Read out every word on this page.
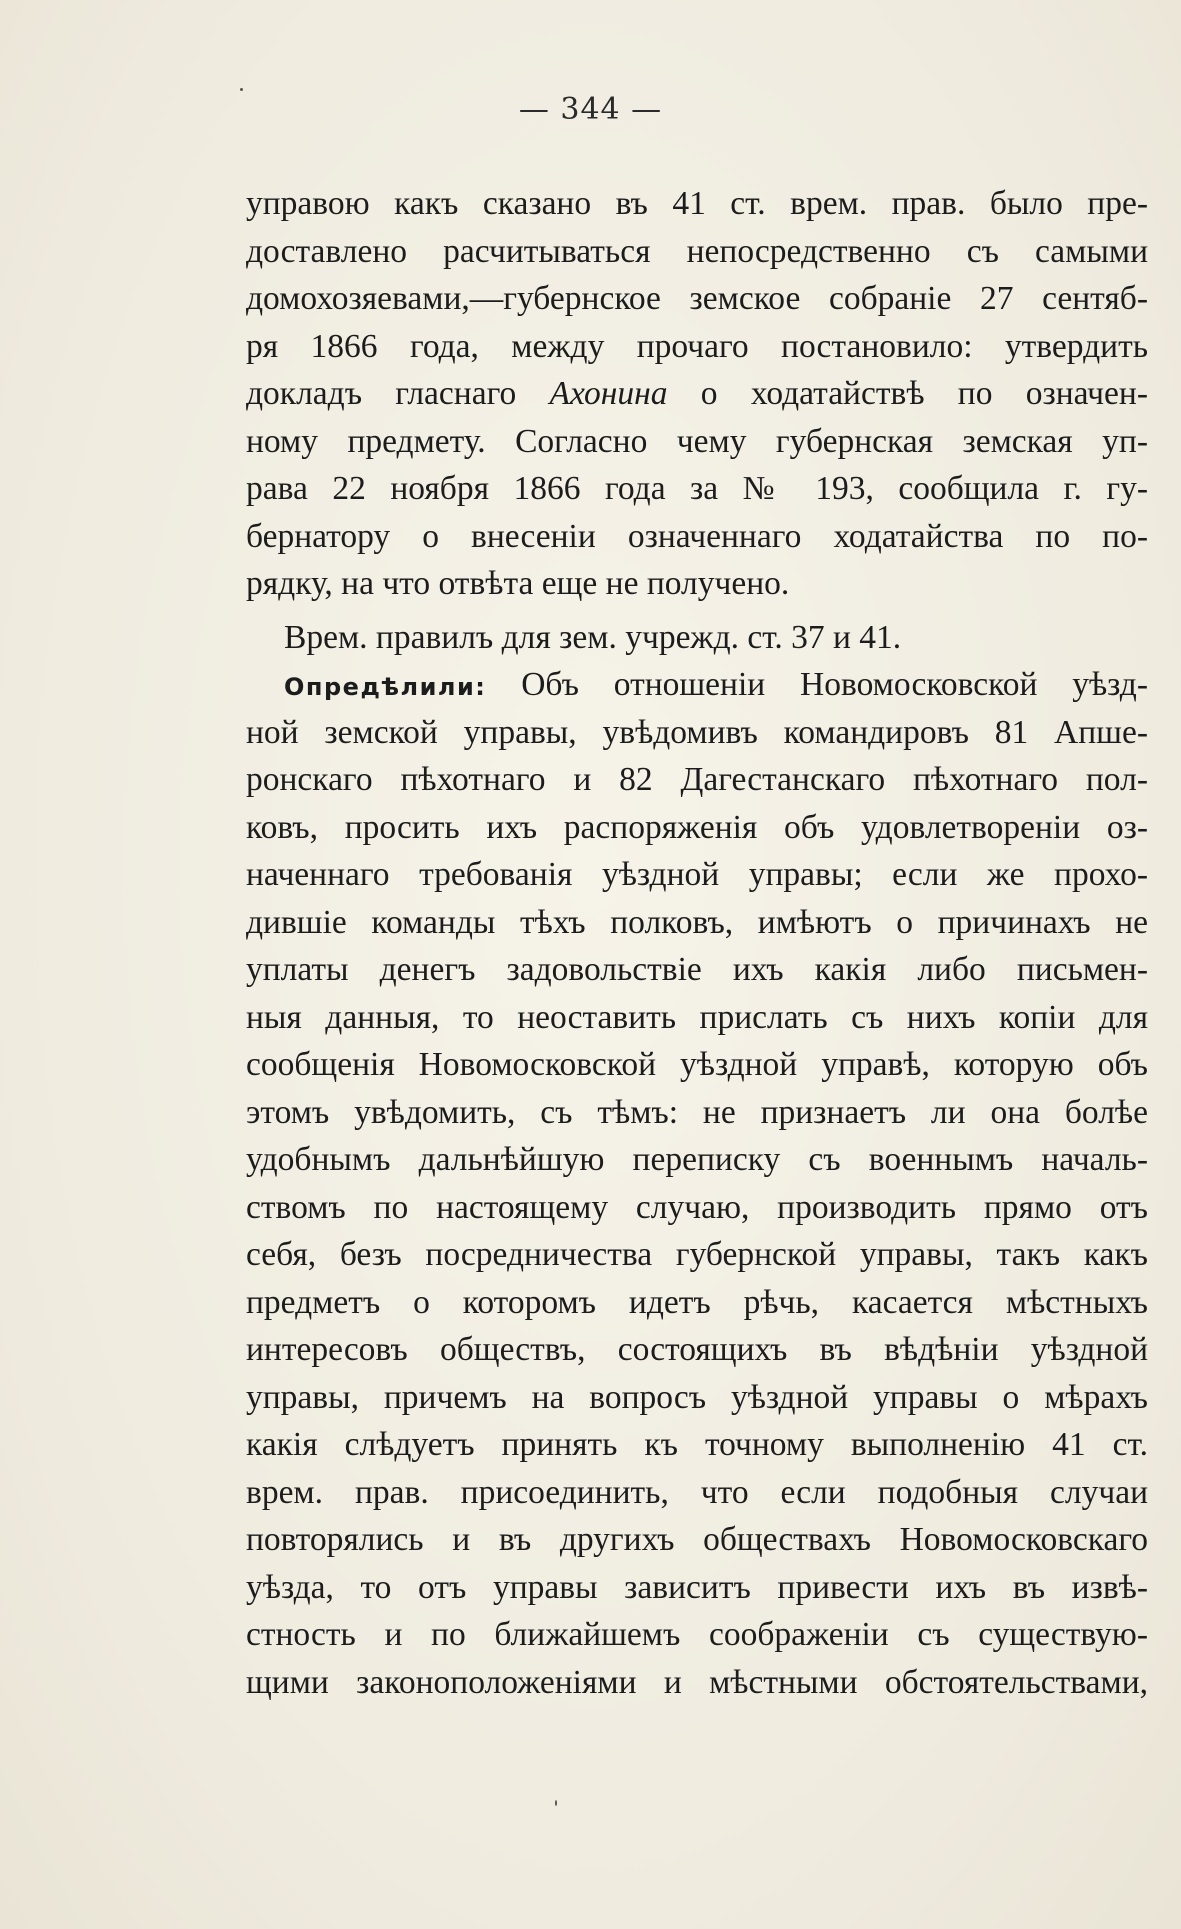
— 344 —
управою какъ сказано въ 41 ст. врем. прав. было пре-
доставлено расчитываться непосредственно съ самыми
домохозяевами,—губернское земское собраніе 27 сентяб-
ря 1866 года, между прочаго постановило: утвердить
докладъ гласнаго Ахонина о ходатайствѣ по означен-
ному предмету. Согласно чему губернская земская уп-
рава 22 ноября 1866 года за № 193, сообщила г. гу-
бернатору о внесеніи означеннаго ходатайства по по-
рядку, на что отвѣта еще не получено.
Врем. правилъ для зем. учрежд. ст. 37 и 41.
Опредѣлили: Объ отношеніи Новомосковской уѣзд-
ной земской управы, увѣдомивъ командировъ 81 Апше-
ронскаго пѣхотнаго и 82 Дагестанскаго пѣхотнаго пол-
ковъ, просить ихъ распоряженія объ удовлетвореніи оз-
наченнаго требованія уѣздной управы; если же прохо-
дившіе команды тѣхъ полковъ, имѣютъ о причинахъ не
уплаты денегъ задовольствіе ихъ какія либо письмен-
ныя данныя, то неоставить прислать съ нихъ копіи для
сообщенія Новомосковской уѣздной управѣ, которую объ
этомъ увѣдомить, съ тѣмъ: не признаетъ ли она болѣе
удобнымъ дальнѣйшую переписку съ военнымъ началь-
ствомъ по настоящему случаю, производить прямо отъ
себя, безъ посредничества губернской управы, такъ какъ
предметъ о которомъ идетъ рѣчь, касается мѣстныхъ
интересовъ обществъ, состоящихъ въ вѣдѣніи уѣздной
управы, причемъ на вопросъ уѣздной управы о мѣрахъ
какія слѣдуетъ принять къ точному выполненію 41 ст.
врем. прав. присоединить, что если подобныя случаи
повторялись и въ другихъ обществахъ Новомосковскаго
уѣзда, то отъ управы зависитъ привести ихъ въ извѣ-
стность и по ближайшемъ соображеніи съ существую-
щими законоположеніями и мѣстными обстоятельствами,
